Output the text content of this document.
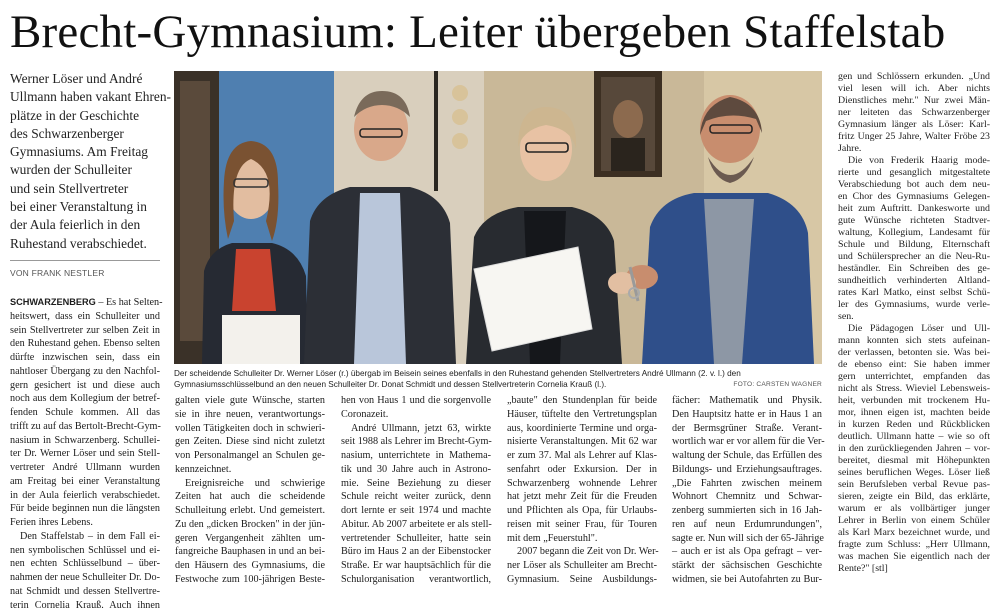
Brecht-Gymnasium: Leiter übergeben Staffelstab
Werner Löser und André
Ullmann haben vakant Ehren-
plätze in der Geschichte
des Schwarzenberger
Gymnasiums. Am Freitag
wurden der Schulleiter
und sein Stellvertreter
bei einer Veranstaltung in
der Aula feierlich in den
Ruhestand verabschiedet.
VON FRANK NESTLER
Der scheidende Schulleiter Dr. Werner Löser (r.) übergab im Beisein seines ebenfalls in den Ruhestand gehenden Stellvertreters André Ullmann (2. v. l.) den
Gymnasiumsschlüsselbund an den neuen Schulleiter Dr. Donat Schmidt und dessen Stellvertreterin Cornelia Krauß (l.).	FOTO: CARSTEN WAGNER
SCHWARZENBERG – Es hat Selten-
heitswert, dass ein Schulleiter und
sein Stellvertreter zur selben Zeit in
den Ruhestand gehen. Ebenso selten
dürfte inzwischen sein, dass ein
nahtloser Übergang zu den Nachfol-
gern gesichert ist und diese auch
noch aus dem Kollegium der betref-
fenden Schule kommen. All das
trifft zu auf das Bertolt-Brecht-Gym-
nasium in Schwarzenberg. Schullei-
ter Dr. Werner Löser und sein Stell-
vertreter André Ullmann wurden
am Freitag bei einer Veranstaltung
in der Aula feierlich verabschiedet.
Für beide beginnen nun die längsten
Ferien ihres Lebens.
Den Staffelstab – in dem Fall ei-
nen symbolischen Schlüssel und ei-
nen echten Schlüsselbund – über-
nahmen der neue Schulleiter Dr. Do-
nat Schmidt und dessen Stellvertre-
terin Cornelia Krauß. Auch ihnen
galten viele gute Wünsche, starten
sie in ihre neuen, verantwortungs-
vollen Tätigkeiten doch in schwieri-
gen Zeiten. Diese sind nicht zuletzt
von Personalmangel an Schulen ge-
kennzeichnet.
Ereignisreiche und schwierige
Zeiten hat auch die scheidende
Schulleitung erlebt. Und gemeistert.
Zu den „dicken Brocken" in der jün-
geren Vergangenheit zählten um-
fangreiche Bauphasen in und an bei-
den Häusern des Gymnasiums, die
Festwoche zum 100-jährigen Beste-
hen von Haus 1 und die sorgenvolle
Coronazeit.
André Ullmann, jetzt 63, wirkte
seit 1988 als Lehrer im Brecht-Gym-
nasium, unterrichtete in Mathema-
tik und 30 Jahre auch in Astrono-
mie. Seine Beziehung zu dieser
Schule reicht weiter zurück, denn
dort lernte er seit 1974 und machte
Abitur. Ab 2007 arbeitete er als stell-
vertretender Schulleiter, hatte sein
Büro im Haus 2 an der Eibenstocker
Straße. Er war hauptsächlich für die
Schulorganisation verantwortlich,
„baute" den Stundenplan für beide
Häuser, tüftelte den Vertretungsplan
aus, koordinierte Termine und orga-
nisierte Veranstaltungen. Mit 62 war
er zum 37. Mal als Lehrer auf Klas-
senfahrt oder Exkursion. Der in
Schwarzenberg wohnende Lehrer
hat jetzt mehr Zeit für die Freuden
und Pflichten als Opa, für Urlaubs-
reisen mit seiner Frau, für Touren
mit dem „Feuerstuhl".
2007 begann die Zeit von Dr. Wer-
ner Löser als Schulleiter am Brecht-
Gymnasium. Seine Ausbildungs-
fächer: Mathematik und Physik.
Den Hauptsitz hatte er in Haus 1 an
der Bermsgrüner Straße. Verant-
wortlich war er vor allem für die Ver-
waltung der Schule, das Erfüllen des
Bildungs- und Erziehungsauftrages.
„Die Fahrten zwischen meinem
Wohnort Chemnitz und Schwar-
zenberg summierten sich in 16 Jah-
ren auf neun Erdumrundungen",
sagte er. Nun will sich der 65-Jährige
– auch er ist als Opa gefragt – ver-
stärkt der sächsischen Geschichte
widmen, sie bei Autofahrten zu Bur-
gen und Schlössern erkunden. „Und
viel lesen will ich. Aber nichts
Dienstliches mehr." Nur zwei Män-
ner leiteten das Schwarzenberger
Gymnasium länger als Löser: Karl-
fritz Unger 25 Jahre, Walter Fröbe 23
Jahre.
Die von Frederik Haarig mode-
rierte und gesanglich mitgestaltete
Verabschiedung bot auch dem neu-
en Chor des Gymnasiums Gelegen-
heit zum Auftritt. Dankesworte und
gute Wünsche richteten Stadtver-
waltung, Kollegium, Landesamt für
Schule und Bildung, Elternschaft
und Schülersprecher an die Neu-Ru-
heständler. Ein Schreiben des ge-
sundheitlich verhinderten Altland-
rates Karl Matko, einst selbst Schü-
ler des Gymnasiums, wurde verle-
sen.
Die Pädagogen Löser und Ull-
mann konnten sich stets aufeinan-
der verlassen, betonten sie. Was bei-
de ebenso eint: Sie haben immer
gern unterrichtet, empfanden das
nicht als Stress. Wieviel Lebensweis-
heit, verbunden mit trockenem Hu-
mor, ihnen eigen ist, machten beide
in kurzen Reden und Rückblicken
deutlich. Ullmann hatte – wie so oft
in den zurückliegenden Jahren – vor-
bereitet, diesmal mit Höhepunkten
seines beruflichen Weges. Löser ließ
sein Berufsleben verbal Revue pas-
sieren, zeigte ein Bild, das erklärte,
warum er als vollbärtiger junger
Lehrer in Berlin von einem Schüler
als Karl Marx bezeichnet wurde, und
fragte zum Schluss: „Herr Ullmann,
was machen Sie eigentlich nach der
Rente?" [stl]
